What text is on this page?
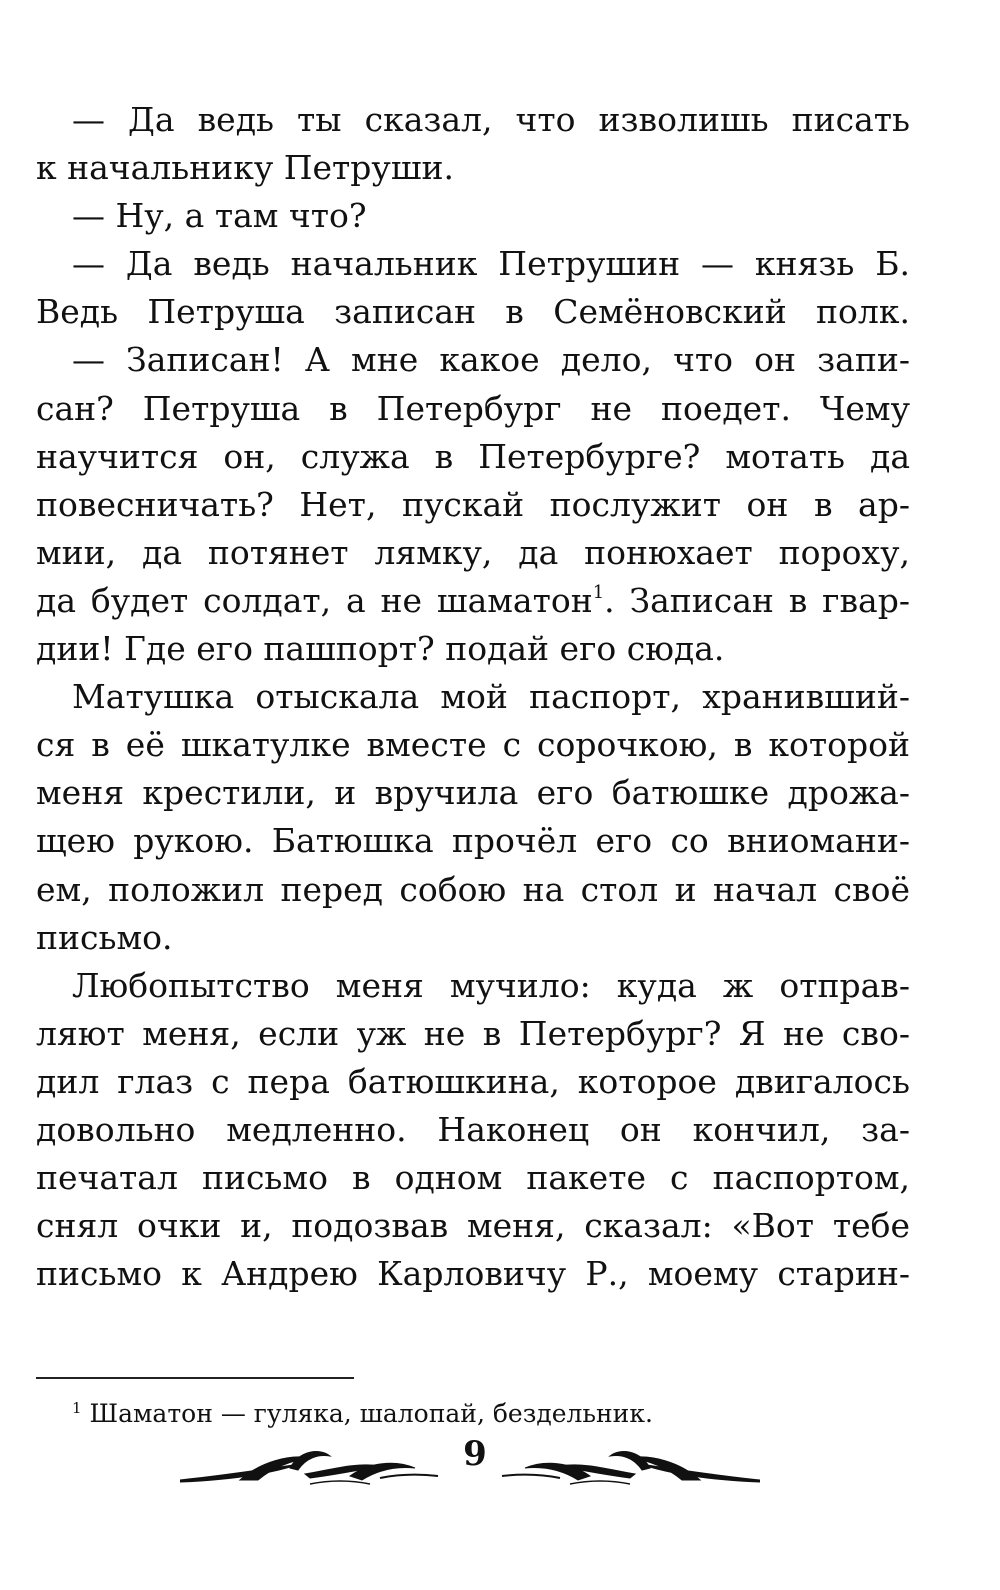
— Да ведь ты сказал, что изволишь писать
к начальнику Петруши.
— Ну, а там что?
— Да ведь начальник Петрушин — князь Б.
Ведь Петруша записан в Семёновский полк.
— Записан! А мне какое дело, что он запи-
сан? Петруша в Петербург не поедет. Чему
научится он, служа в Петербурге? мотать да
повесничать? Нет, пускай послужит он в ар-
мии, да потянет лямку, да понюхает пороху,
да будет солдат, а не шаматон$^1$. Записан в гвар-
дии! Где его пашпорт? подай его сюда.
Матушка отыскала мой паспорт, хранивший-
ся в её шкатулке вместе с сорочкою, в которой
меня крестили, и вручила его батюшке дрожа-
щею рукою. Батюшка прочёл его со вниомани-
ем, положил перед собою на стол и начал своё
письмо.
Любопытство меня мучило: куда ж отправ-
ляют меня, если уж не в Петербург? Я не сво-
дил глаз с пера батюшкина, которое двигалось
довольно медленно. Наконец он кончил, за-
печатал письмо в одном пакете с паспортом,
снял очки и, подозвав меня, сказал: «Вот тебе
письмо к Андрею Карловичу Р., моему старин-
$^1$ Шаматон — гуляка, шалопай, бездельник.
9
